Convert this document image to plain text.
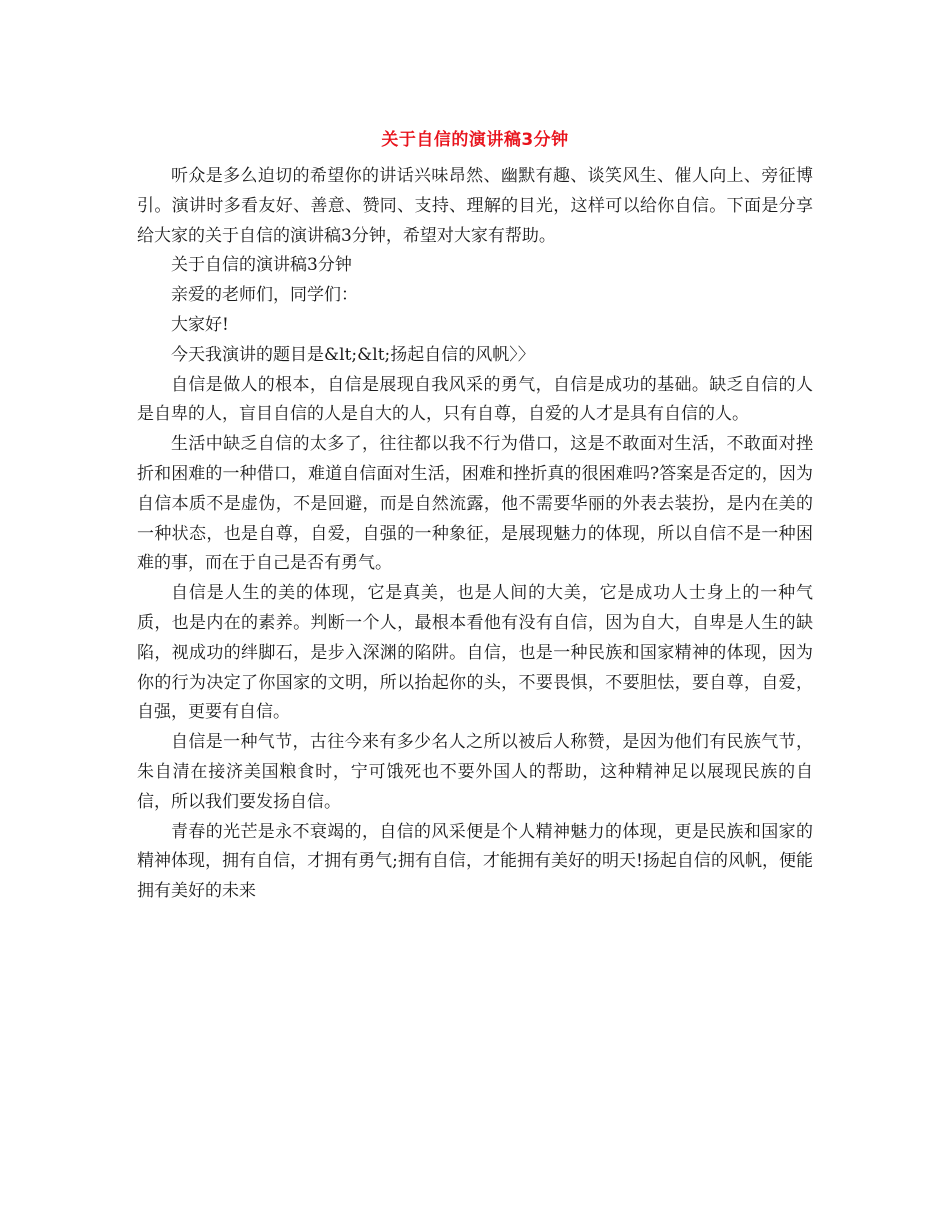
关于自信的演讲稿3分钟

听众是多么迫切的希望你的讲话兴味昂然、幽默有趣、谈笑风生、催人向上、旁征博引。演讲时多看友好、善意、赞同、支持、理解的目光，这样可以给你自信。下面是分享给大家的关于自信的演讲稿3分钟，希望对大家有帮助。

关于自信的演讲稿3分钟

亲爱的老师们，同学们：

大家好!

今天我演讲的题目是&lt;&lt;扬起自信的风帆〉〉

自信是做人的根本，自信是展现自我风采的勇气，自信是成功的基础。缺乏自信的人是自卑的人，盲目自信的人是自大的人，只有自尊，自爱的人才是具有自信的人。

生活中缺乏自信的太多了，往往都以我不行为借口，这是不敢面对生活，不敢面对挫折和困难的一种借口，难道自信面对生活，困难和挫折真的很困难吗?答案是否定的，因为自信本质不是虚伪，不是回避，而是自然流露，他不需要华丽的外表去装扮，是内在美的一种状态，也是自尊，自爱，自强的一种象征，是展现魅力的体现，所以自信不是一种困难的事，而在于自己是否有勇气。

自信是人生的美的体现，它是真美，也是人间的大美，它是成功人士身上的一种气质，也是内在的素养。判断一个人，最根本看他有没有自信，因为自大，自卑是人生的缺陷，视成功的绊脚石，是步入深渊的陷阱。自信，也是一种民族和国家精神的体现，因为你的行为决定了你国家的文明，所以抬起你的头，不要畏惧，不要胆怯，要自尊，自爱，自强，更要有自信。

自信是一种气节，古往今来有多少名人之所以被后人称赞，是因为他们有民族气节，朱自清在接济美国粮食时，宁可饿死也不要外国人的帮助，这种精神足以展现民族的自信，所以我们要发扬自信。

青春的光芒是永不衰竭的，自信的风采便是个人精神魅力的体现，更是民族和国家的精神体现，拥有自信，才拥有勇气;拥有自信，才能拥有美好的明天!扬起自信的风帆，便能拥有美好的未来
